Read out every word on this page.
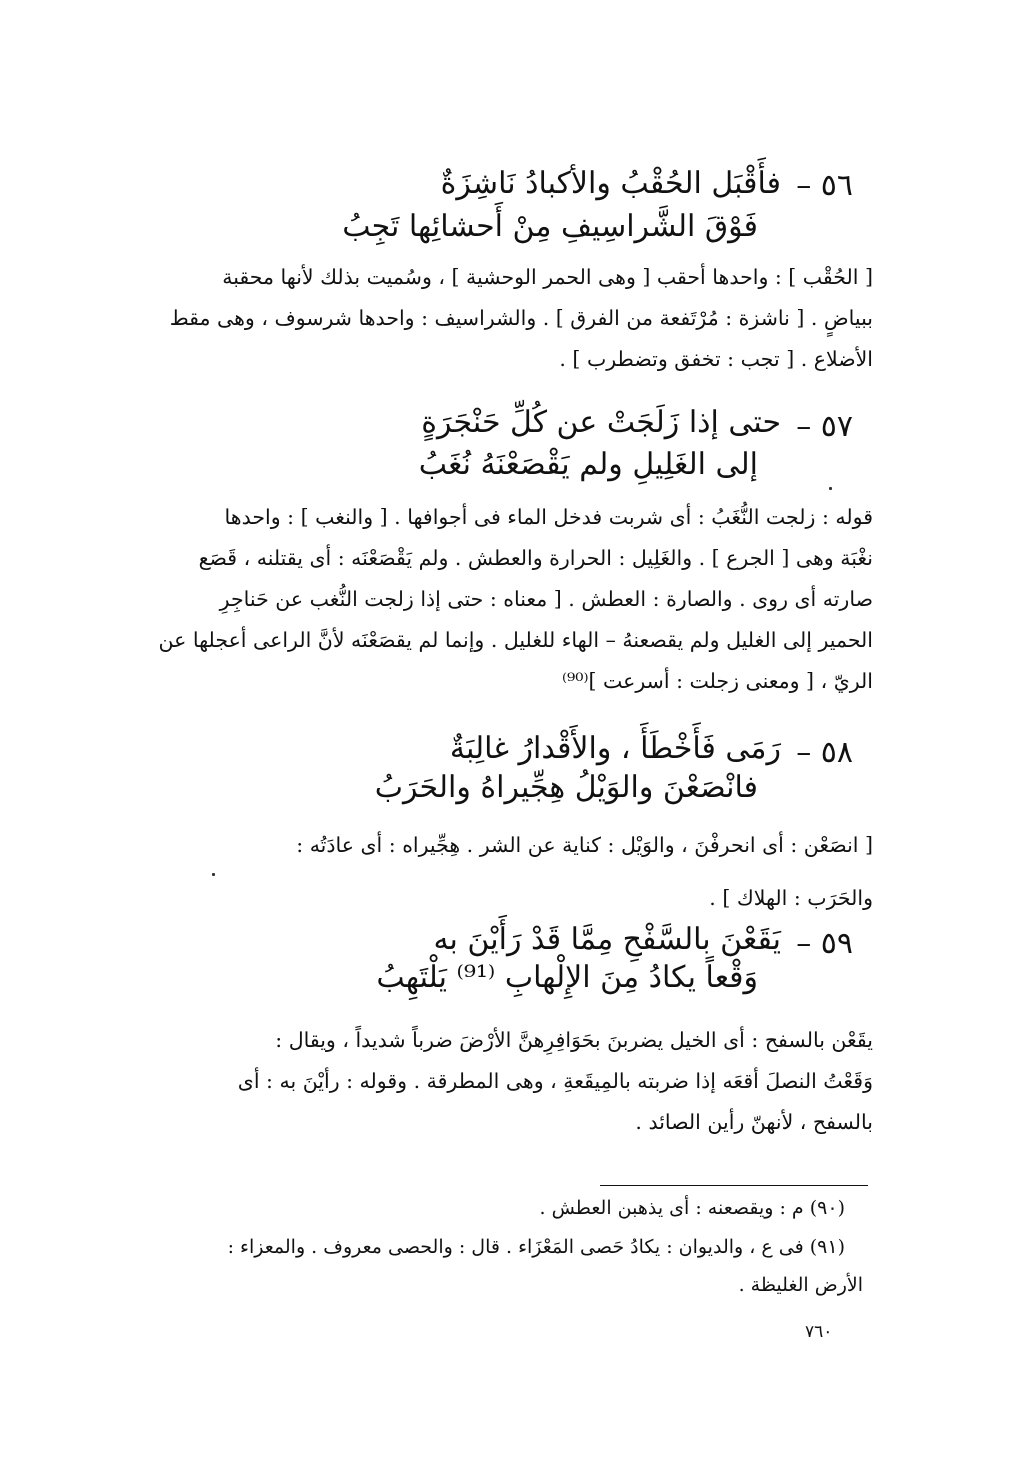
٥٦ –
فأَقْبَل الحُقْبُ والأكبادُ نَاشِزَةٌ
فَوْقَ الشَّراسِيفِ مِنْ أَحشائِها تَجِبُ
[ الحُقْب ] : واحدها أحقب [ وهى الحمر الوحشية ] ، وسُميت بذلك لأنها محقبة
ببياضٍ . [ ناشزة : مُرْتَفعة من الفرق ] . والشراسيف : واحدها شرسوف ، وهى مقط
الأضلاع . [ تجب : تخفق وتضطرب ] .
٥٧ –
حتى إذا زَلَجَتْ عن كُلِّ حَنْجَرَةٍ
إلى الغَلِيلِ ولم يَقْصَعْنَهُ نُغَبُ
قوله : زلجت النُّغَبُ : أى شربت فدخل الماء فى أجوافها . [ والنغب ] : واحدها
نغْبَة وهى [ الجرع ] . والغَلِيل : الحرارة والعطش . ولم يَقْصَعْنَه : أى يقتلنه ، قَصَع
صارته أى روى . والصارة : العطش . [ معناه : حتى إذا زلجت النُّغب عن حَناجِرِ
الحمير إلى الغليل ولم يقصعنهُ – الهاء للغليل . وإنما لم يقصَعْنَه لأنَّ الراعى أعجلها عن
الريّ ، [ ومعنى زجلت : أسرعت ]⁽⁹⁰⁾
٥٨ –
رَمَى فَأَخْطَأَ ، والأَقْدارُ غالِبَةٌ
فانْصَعْنَ والوَيْلُ هِجِّيراهُ والحَرَبُ
[ انصَعْن : أى انحرفْنَ ، والوَيْل : كناية عن الشر . هِجِّيراه : أى عادَتُه :
والحَرَب : الهلاك ] .
٥٩ –
يَقَعْنَ بالسَّفْحِ مِمَّا قَدْ رَأَيْنَ به
وَقْعاً يكادُ مِنَ الإِلْهابِ ⁽⁹¹⁾ يَلْتَهِبُ
يقَعْن بالسفح : أى الخيل يضربنَ بحَوَافِرِهنَّ الأرْضَ ضرباً شديداً ، ويقال :
وَقَعْتُ النصلَ أقعَه إذا ضربته بالمِيقَعةِ ، وهى المطرقة . وقوله : رأيْنَ به : أى
بالسفح ، لأنهنّ رأين الصائد .
(٩٠) م : ويقصعنه : أى يذهبن العطش .
(٩١) فى ع ، والديوان : يكادُ حَصى المَعْزَاء . قال : والحصى معروف . والمعزاء :
الأرض الغليظة .
٧٦٠
